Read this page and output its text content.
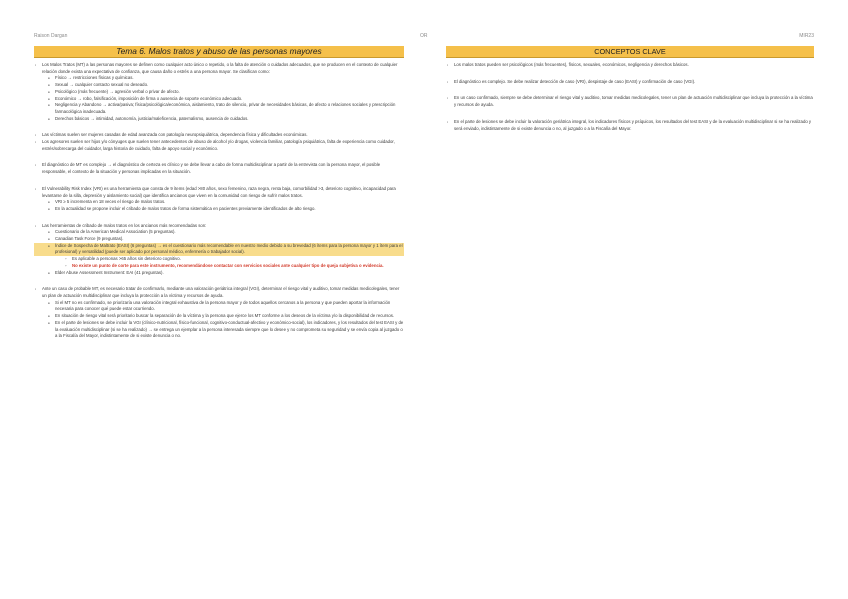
Raison Dargan	OR	MIR23
Tema 6. Malos tratos y abuso de las personas mayores
▪ Los Malos Tratos (MT) a las personas mayores se definen como cualquier acto único o repetido, o la falta de atención o cuidados adecuados, que se producen en el contexto de cualquier relación donde exista una expectativa de confianza, que causa daño o estrés a una persona mayor. Se clasifican como:
● Físico → restricciones físicas y químicas.
● Sexual → cualquier contacto sexual no deseado.
● Psicológico (más frecuente) → agresión verbal o privar de afecto.
● Económico → robo, falsificación, imposición de firma o ausencia de soporte económico adecuado.
● Negligencia y Abandono → activa/pasiva; física/psicológica/económica, aislamiento, trato de silencio, privar de necesidades básicas, de afecto o relaciones sociales y prescripción farmacológica inadecuada.
● Derechos básicos → intimidad, autonomía, justicia/maleficencia, paternalismo, ausencia de cuidados.
▪ Las víctimas suelen ser mujeres casadas de edad avanzada con patología neuropsiquiátrica, dependencia física y dificultades económicas.
▪ Los agresores suelen ser hijos y/o cónyuges que suelen tener antecedentes de abuso de alcohol y/o drogas, violencia familiar, patología psiquiátrica, falta de experiencia como cuidador, estrés/sobrecarga del cuidador, larga historia de cuidado, falta de apoyo social y económico.
▪ El diagnóstico de MT es complejo → el diagnóstico de certeza es clínico y se debe llevar a cabo de forma multidisciplinar a partir de la entrevista con la persona mayor, el posible responsable, el contexto de la situación y personas implicadas en la situación.
▪ El Vulnerability Risk Index (VRI) es una herramienta que consta de 9 ítems (edad >80 años, sexo femenino, raza negra, renta baja, comorbilidad >3, deterioro cognitivo, incapacidad para levantarse de la silla, depresión y aislamiento social) que identifica ancianos que viven en la comunidad con riesgo de sufrir malos tratos.
● VRI ≥ 5 incrementa en 18 veces el riesgo de malos tratos.
● En la actualidad se propone incluir el cribado de malos tratos de forma sistemática en pacientes previamente identificados de alto riesgo.
▪ Las herramientas de cribado de malos tratos en los ancianos más recomendadas son:
● Cuestionario de la American Medical Association (5 preguntas).
● Canadian Task Force (9 preguntas).
● Índice de Sospecha de Maltrato (EASI) (6 preguntas) → es el cuestionario más recomendable en nuestro medio debido a su brevedad (6 ítems para la persona mayor y 1 ítem para el profesional) y versatilidad (puede ser aplicado por personal médico, enfermería o trabajador social).
◦ Es aplicable a personas >65 años sin deterioro cognitivo.
◦ No existe un punto de corte para este instrumento, recomendándose contactar con servicios sociales ante cualquier tipo de queja subjetiva o evidencia.
● Elder Abuse Assessment Instrument: EAI (41 preguntas).
▪ Ante un caso de probable MT, es necesario tratar de confirmarlo, mediante una valoración geriátrica integral (VGI), determinar el riesgo vital y auditivo, tomar medidas medicolegales, tener un plan de actuación multidisciplinar que incluya la protección a la víctima y recursos de ayuda.
● Si el MT no es confirmado, se priorizaría una valoración integral exhaustiva de la persona mayor y de todos aquellos cercanos a la persona y que pueden aportar la información necesaria para conocer qué puede estar ocurriendo.
● En situación de riesgo vital será prioritario buscar la separación de la víctima y la persona que ejerce los MT conforme a los deseos de la víctima y/o la disponibilidad de recursos.
● En el parte de lesiones se debe incluir la VGI (clínico-nutricional, físico-funcional, cognitivo-conductual-afectivo y económico-social), los indicadores, y los resultados del test EASI y de la evaluación multidisciplinar (si se ha realizado) → se entrega un ejemplar a la persona interesada siempre que lo desee y no comprometa su seguridad y se envía copia al juzgado o a la Fiscalía del Mayor, indistintamente de si existe denuncia o no.
CONCEPTOS CLAVE
▪ Los malos tratos pueden ser psicológicos (más frecuentes), físicos, sexuales, económicos, negligencia y derechos básicos.
▪ El diagnóstico es complejo. Se debe realizar detección de caso (VRI), despistaje de caso (EASI) y confirmación de caso (VGI).
▪ En un caso confirmado, siempre se debe determinar el riesgo vital y auditivo, tomar medidas medicolegales, tener un plan de actuación multidisciplinar que incluya la protección a la víctima y recursos de ayuda.
▪ En el parte de lesiones se debe incluir la valoración geriátrica integral, los indicadores físicos y psíquicos, los resultados del test EASI y de la evaluación multidisciplinar si se ha realizado y será enviado, indistintamente de si existe denuncia o no, al juzgado o a la Fiscalía del Mayor.
